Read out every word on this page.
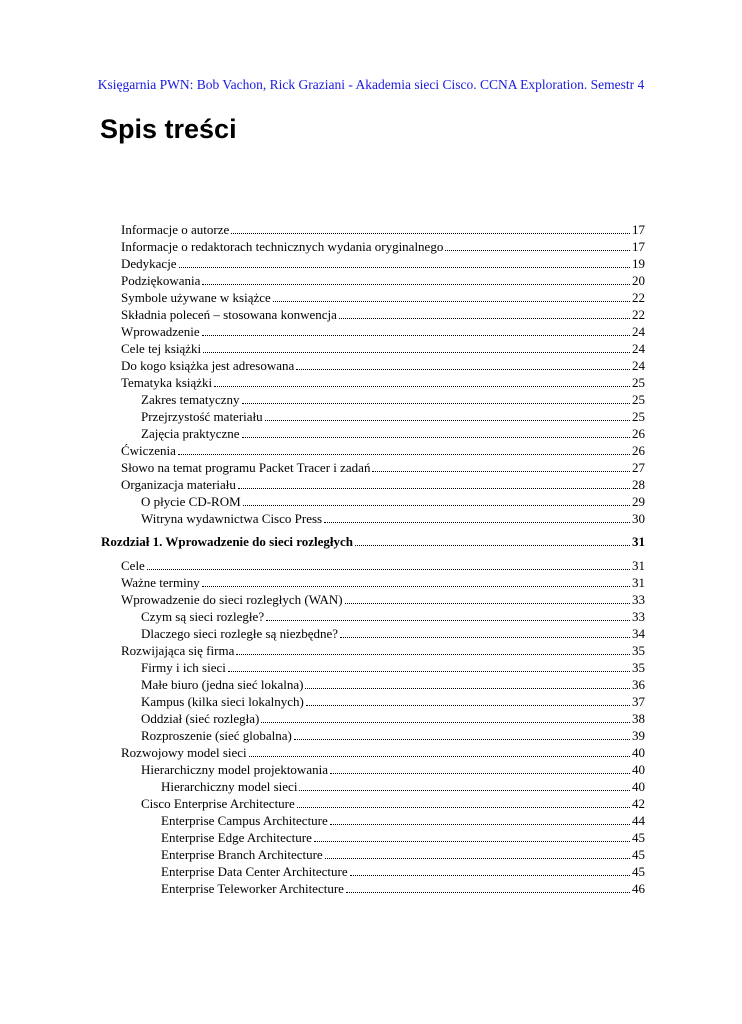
Księgarnia PWN: Bob Vachon, Rick Graziani - Akademia sieci Cisco. CCNA Exploration. Semestr 4
Spis treści
Informacje o autorze	17
Informacje o redaktorach technicznych wydania oryginalnego	17
Dedykacje	19
Podziękowania	20
Symbole używane w książce	22
Składnia poleceń – stosowana konwencja	22
Wprowadzenie	24
Cele tej książki	24
Do kogo książka jest adresowana	24
Tematyka książki	25
Zakres tematyczny	25
Przejrzystość materiału	25
Zajęcia praktyczne	26
Ćwiczenia	26
Słowo na temat programu Packet Tracer i zadań	27
Organizacja materiału	28
O płycie CD-ROM	29
Witryna wydawnictwa Cisco Press	30
Rozdział 1. Wprowadzenie do sieci rozległych	31
Cele	31
Ważne terminy	31
Wprowadzenie do sieci rozległych (WAN)	33
Czym są sieci rozległe?	33
Dlaczego sieci rozległe są niezbędne?	34
Rozwijająca się firma	35
Firmy i ich sieci	35
Małe biuro (jedna sieć lokalna)	36
Kampus (kilka sieci lokalnych)	37
Oddział (sieć rozległa)	38
Rozproszenie (sieć globalna)	39
Rozwojowy model sieci	40
Hierarchiczny model projektowania	40
Hierarchiczny model sieci	40
Cisco Enterprise Architecture	42
Enterprise Campus Architecture	44
Enterprise Edge Architecture	45
Enterprise Branch Architecture	45
Enterprise Data Center Architecture	45
Enterprise Teleworker Architecture	46
